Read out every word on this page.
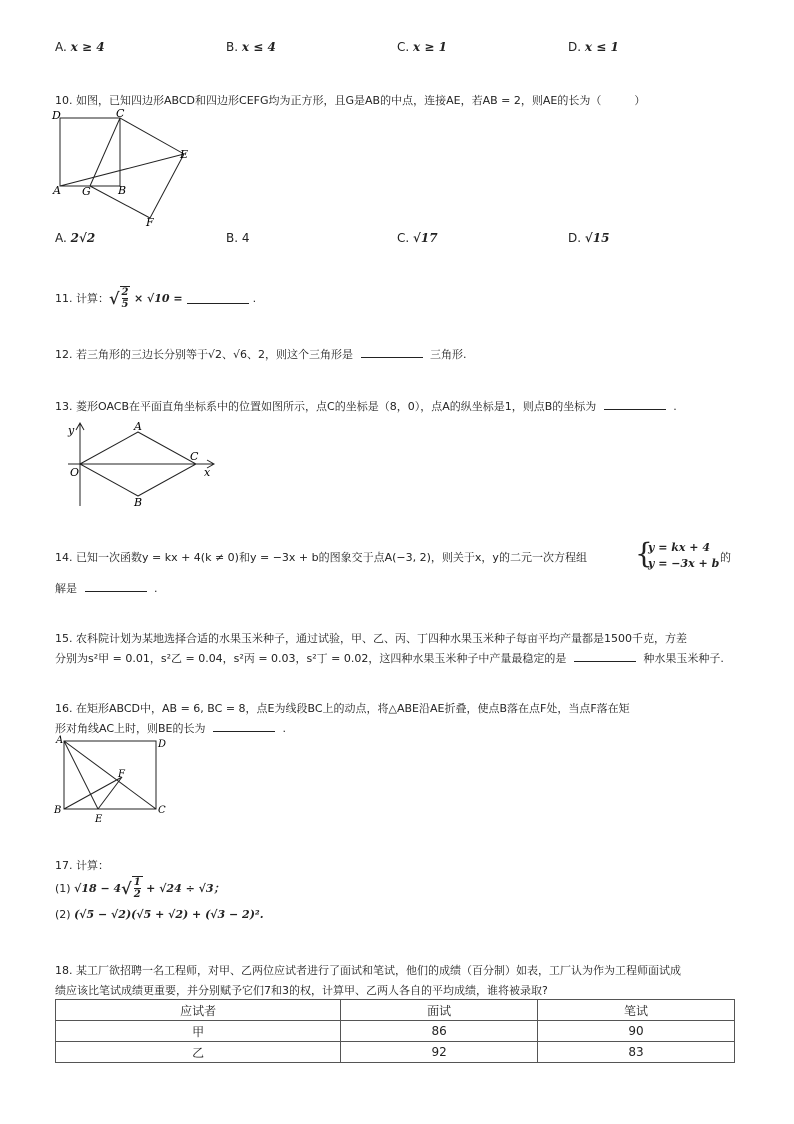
A. x ≥ 4	B. x ≤ 4	C. x ≥ 1	D. x ≤ 1
10. 如图，已知四边形ABCD和四边形CEFG均为正方形，且G是AB的中点，连接AE，若AB = 2，则AE的长为（　　　）
D	C
E
A G B
F
A. 2√2	B. 4	C. √17	D. √15
11.
计算： √ $\frac{2}{5}$
× √10 =	.
12. 若三角形的三边长分别等于√2、√6、2，则这个三角形是	三角形.
13. 菱形OACB在平面直角坐标系中的位置如图所示，点C的坐标是（8，0），点A的纵坐标是1，则点B的坐标为	.
y	A
O
C
x
B
14. 已知一次函数y = kx + 4(k ≠ 0)和y = −3x + b的图象交于点A(−3, 2)，则关于x，y的二元一次方程组 {
y = kx + 4
y = −3x + b 的
解是	.
15. 农科院计划为某地选择合适的水果玉米种子，通过试验，甲、乙、丙、丁四种水果玉米种子每亩平均产量都是1500千克，方差
分别为s²甲 = 0.01，s²乙 = 0.04，s²丙 = 0.03，s²丁 = 0.02，这四种水果玉米种子中产量最稳定的是	种水果玉米种子.
16. 在矩形ABCD中，AB = 6, BC = 8，点E为线段BC上的动点，将△ABE沿AE折叠，使点B落在点F处，当点F落在矩
形对角线AC上时，则BE的长为	.
A	D
F
B
E
C
17. 计算：
(1)
√18 − 4 √ 1
2
+ √24 ÷ √3；
(2) (√5 − √2)(√5 + √2) + (√3 − 2)².
18. 某工厂欲招聘一名工程师，对甲、乙两位应试者进行了面试和笔试，他们的成绩（百分制）如表，工厂认为作为工程师面试成
绩应该比笔试成绩更重要，并分别赋予它们7和3的权，计算甲、乙两人各自的平均成绩，谁将被录取?
应试者	面试	笔试
甲	86	90
乙	92	83
